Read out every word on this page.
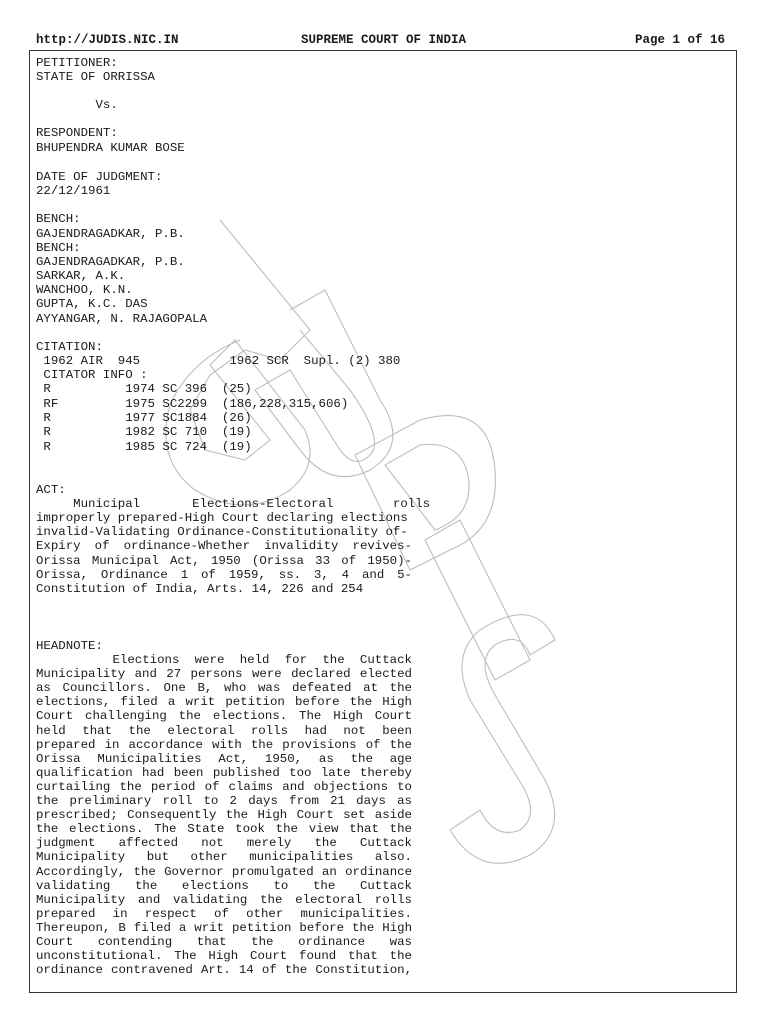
http://JUDIS.NIC.IN	SUPREME COURT OF INDIA	Page 1 of 16
PETITIONER:
STATE OF ORRISSA
Vs.
RESPONDENT:
BHUPENDRA KUMAR BOSE
DATE OF JUDGMENT:
22/12/1961
BENCH:
GAJENDRAGADKAR, P.B.
BENCH:
GAJENDRAGADKAR, P.B.
SARKAR, A.K.
WANCHOO, K.N.
GUPTA, K.C. DAS
AYYANGAR, N. RAJAGOPALA
CITATION:
1962 AIR  945            1962 SCR  Supl. (2) 380
CITATOR INFO :
R          1974 SC 396  (25)
RF         1975 SC2299  (186,228,315,606)
R          1977 SC1884  (26)
R          1982 SC 710  (19)
R          1985 SC 724  (19)
ACT:
Municipal       Elections-Electoral        rolls
improperly prepared-High Court declaring elections
invalid-Validating Ordinance-Constitutionality of-
Expiry of ordinance-Whether invalidity revives-
Orissa Municipal Act, 1950 (Orissa 33 of 1950)-
Orissa, Ordinance 1 of 1959, ss. 3, 4 and 5-
Constitution of India, Arts. 14, 226 and 254
HEADNOTE:
Elections were held for the Cuttack
Municipality and 27 persons were declared elected
as Councillors. One B, who was defeated at the
elections, filed a writ petition before the High
Court challenging the elections. The High Court
held that the electoral rolls had not been
prepared in accordance with the provisions of the
Orissa Municipalities Act, 1950, as the age
qualification had been published too late thereby
curtailing the period of claims and objections to
the preliminary roll to 2 days from 21 days as
prescribed; Consequently the High Court set aside
the elections. The State took the view that the
judgment affected not merely the Cuttack
Municipality but other municipalities also.
Accordingly, the Governor promulgated an ordinance
validating the elections to the Cuttack
Municipality and validating the electoral rolls
prepared in respect of other municipalities.
Thereupon, B filed a writ petition before the High
Court contending that the ordinance was
unconstitutional. The High Court found that the
ordinance contravened Art. 14 of the Constitution,
